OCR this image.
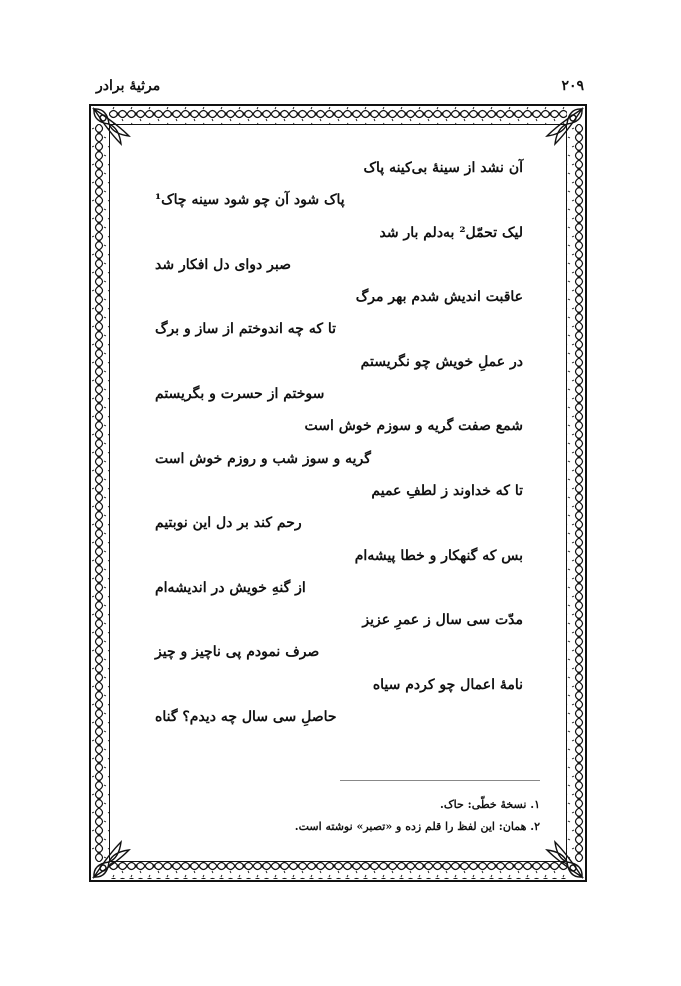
۲۰۹
مرثیهٔ برادر
آن نشد از سینهٔ بی‌کینه پاک
پاک شود آن چو شود سینه چاک¹
لیک تحمّل² به‌دلم بار شد
صبر دوای دل افکار شد
عاقبت اندیش شدم بهر مرگ
تا که چه اندوختم از ساز و برگ
در عملِ خویش چو نگریستم
سوختم از حسرت و بگریستم
شمع صفت گریه و سوزم خوش است
گریه و سوز شب و روزم خوش است
تا که خداوند ز لطفِ عمیم
رحم کند بر دل این نوبتیم
بس که گنهکار و خطا پیشه‌ام
از گنهِ خویش در اندیشه‌ام
مدّت سی سال ز عمرِ عزیز
صرف نمودم پی ناچیز و چیز
نامهٔ اعمال چو کردم سیاه
حاصلِ سی سال چه دیدم؟ گناه
۱. نسخهٔ خطّی: حاک.
۲. همان: این لفظ را قلم زده و «تصبر» نوشته است.
